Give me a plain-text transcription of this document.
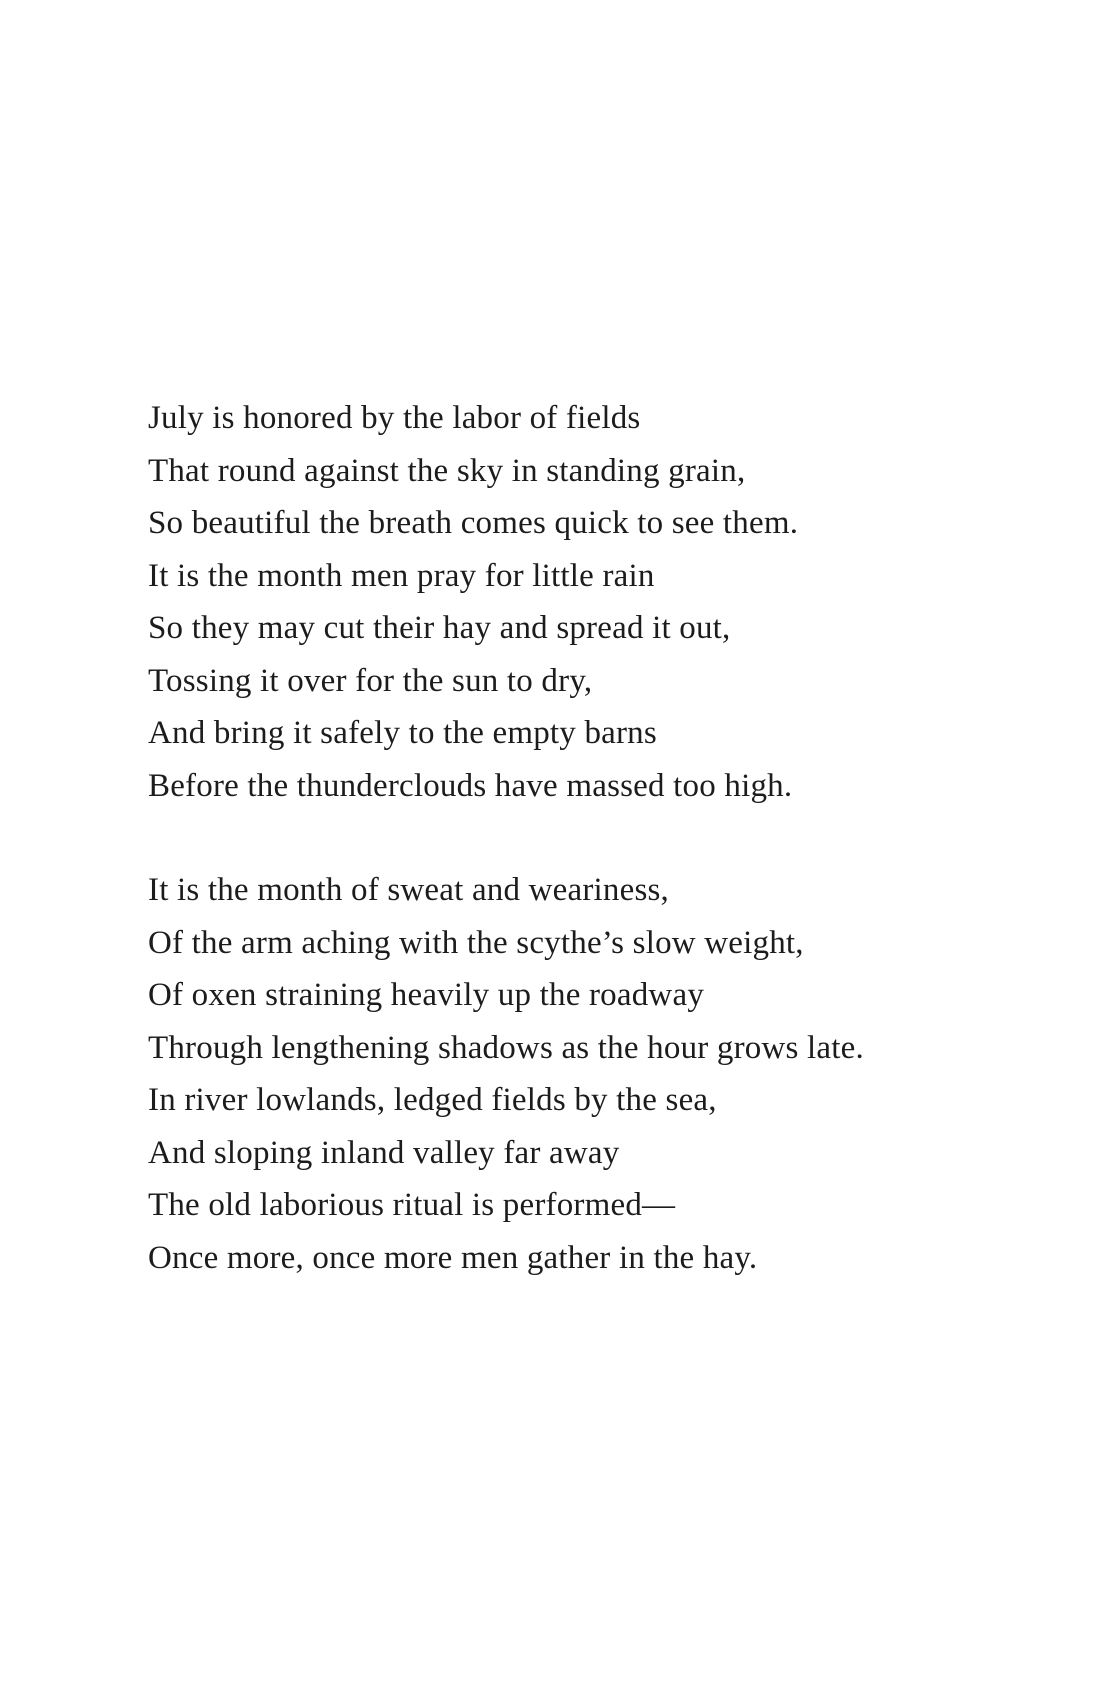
July is honored by the labor of fields
That round against the sky in standing grain,
So beautiful the breath comes quick to see them.
It is the month men pray for little rain
So they may cut their hay and spread it out,
Tossing it over for the sun to dry,
And bring it safely to the empty barns
Before the thunderclouds have massed too high.
It is the month of sweat and weariness,
Of the arm aching with the scythe’s slow weight,
Of oxen straining heavily up the roadway
Through lengthening shadows as the hour grows late.
In river lowlands, ledged fields by the sea,
And sloping inland valley far away
The old laborious ritual is performed—
Once more, once more men gather in the hay.
